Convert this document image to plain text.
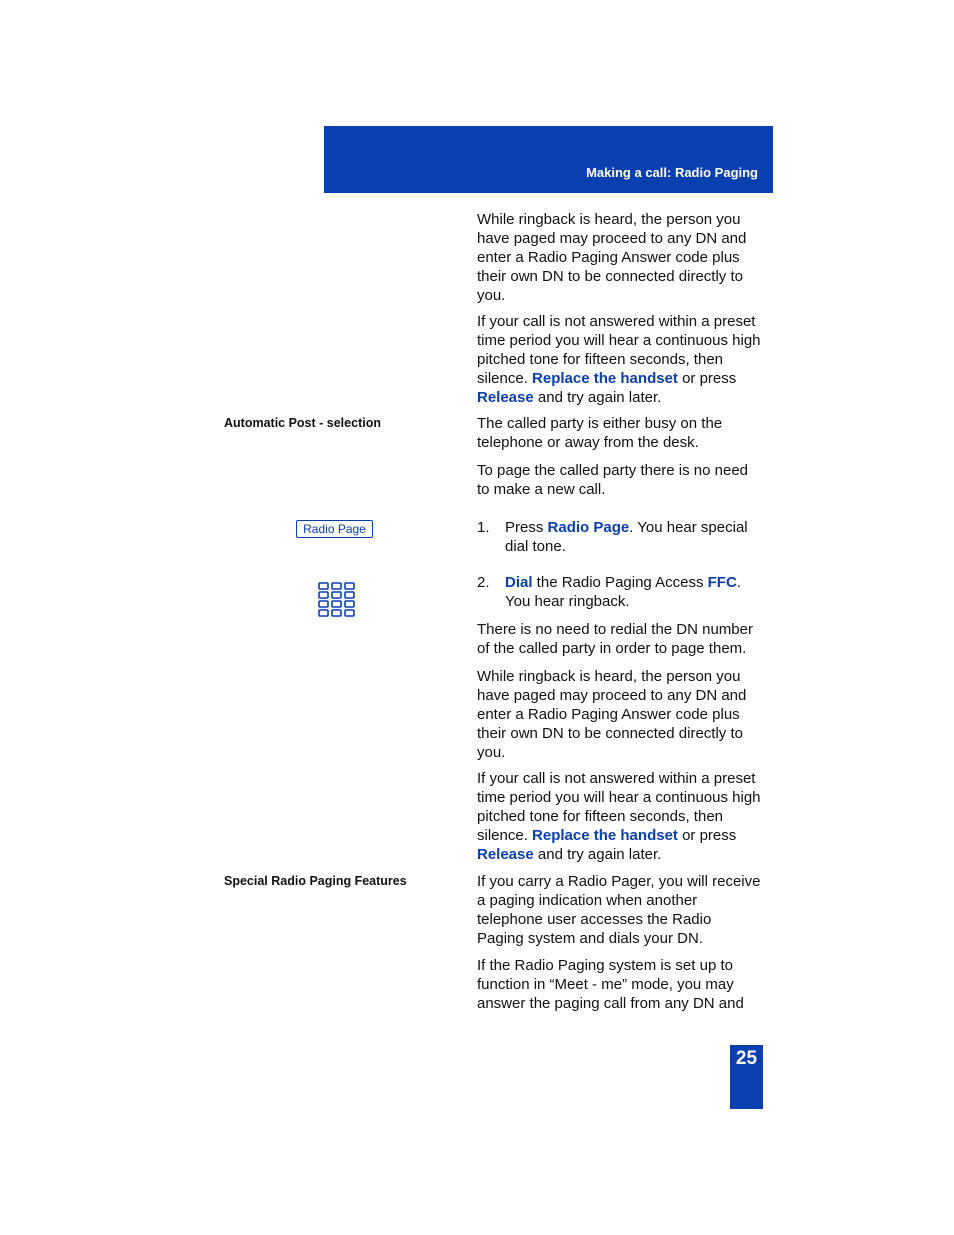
Making a call: Radio Paging

While ringback is heard, the person you have paged may proceed to any DN and enter a Radio Paging Answer code plus their own DN to be connected directly to you.

If your call is not answered within a preset time period you will hear a continuous high pitched tone for fifteen seconds, then silence. Replace the handset or press Release and try again later.

Automatic Post - selection	The called party is either busy on the telephone or away from the desk.

To page the called party there is no need to make a new call.

Radio Page	1. Press Radio Page. You hear special dial tone.
2. Dial the Radio Paging Access FFC. You hear ringback.

There is no need to redial the DN number of the called party in order to page them.

While ringback is heard, the person you have paged may proceed to any DN and enter a Radio Paging Answer code plus their own DN to be connected directly to you.

If your call is not answered within a preset time period you will hear a continuous high pitched tone for fifteen seconds, then silence. Replace the handset or press Release and try again later.

Special Radio Paging Features	If you carry a Radio Pager, you will receive a paging indication when another telephone user accesses the Radio Paging system and dials your DN.

If the Radio Paging system is set up to function in “Meet - me” mode, you may answer the paging call from any DN and

25
